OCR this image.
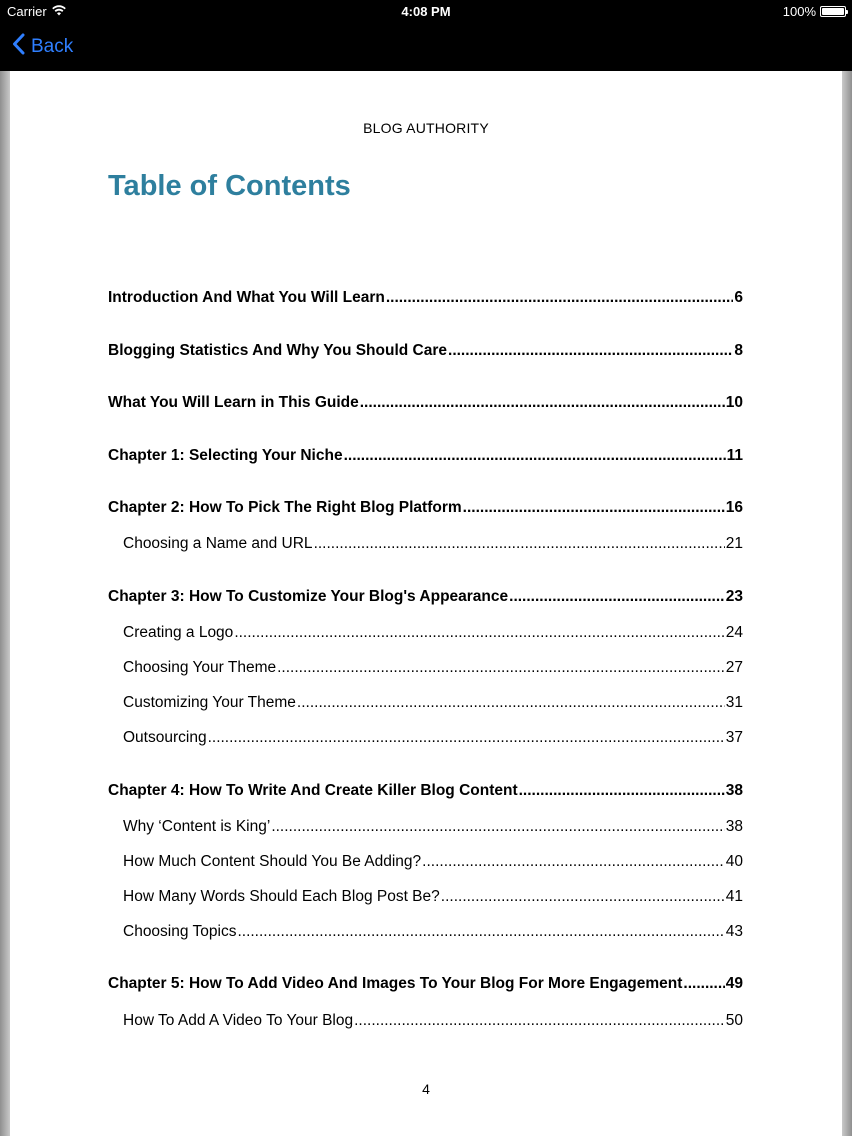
Carrier	4:08 PM	100%
Back
BLOG AUTHORITY
Table of Contents
Introduction And What You Will Learn .....	6
Blogging Statistics And Why You Should Care .....	8
What You Will Learn in This Guide .....	10
Chapter 1: Selecting Your Niche .....	11
Chapter 2: How To Pick The Right Blog Platform .....	16
Choosing a Name and URL .....	21
Chapter 3: How To Customize Your Blog's Appearance .....	23
Creating a Logo .....	24
Choosing Your Theme .....	27
Customizing Your Theme .....	31
Outsourcing .....	37
Chapter 4: How To Write And Create Killer Blog Content .....	38
Why ‘Content is King’ .....	38
How Much Content Should You Be Adding? .....	40
How Many Words Should Each Blog Post Be? .....	41
Choosing Topics .....	43
Chapter 5: How To Add Video And Images To Your Blog For More Engagement .....	49
How To Add A Video To Your Blog .....	50
4
